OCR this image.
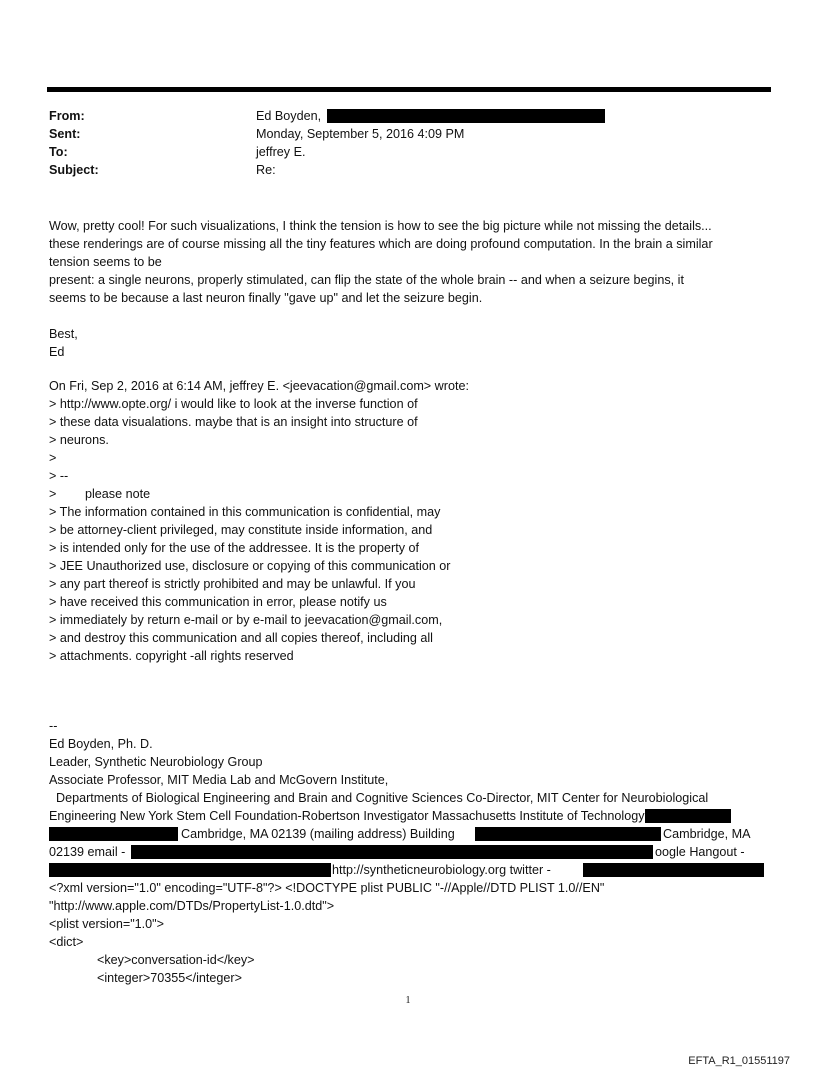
From:	Ed Boyden,
Sent:	Monday, September 5, 2016 4:09 PM
To:	jeffrey E.
Subject:	Re:
Wow, pretty cool! For such visualizations, I think the tension is how to see the big picture while not missing the details...
these renderings are of course missing all the tiny features which are doing profound computation. In the brain a similar
tension seems to be
present: a single neurons, properly stimulated, can flip the state of the whole brain -- and when a seizure begins, it
seems to be because a last neuron finally "gave up" and let the seizure begin.
Best,
Ed
On Fri, Sep 2, 2016 at 6:14 AM, jeffrey E. <jeevacation@gmail.com> wrote:
> http://www.opte.org/ i would like to look at the inverse function of
> these data visualations. maybe that is an insight into structure of
> neurons.
>
> --
> please note
> The information contained in this communication is confidential, may
> be attorney-client privileged, may constitute inside information, and
> is intended only for the use of the addressee. It is the property of
> JEE Unauthorized use, disclosure or copying of this communication or
> any part thereof is strictly prohibited and may be unlawful. If you
> have received this communication in error, please notify us
> immediately by return e-mail or by e-mail to jeevacation@gmail.com,
> and destroy this communication and all copies thereof, including all
> attachments. copyright -all rights reserved
--
Ed Boyden, Ph. D.
Leader, Synthetic Neurobiology Group
Associate Professor, MIT Media Lab and McGovern Institute,
Departments of Biological Engineering and Brain and Cognitive Sciences Co-Director, MIT Center for Neurobiological
Engineering New York Stem Cell Foundation-Robertson Investigator Massachusetts Institute of Technology
Cambridge, MA 02139 (mailing address) Building	Cambridge, MA
02139 email -	oogle Hangout -
http://syntheticneurobiology.org twitter -
<?xml version="1.0" encoding="UTF-8"?> <!DOCTYPE plist PUBLIC "-//Apple//DTD PLIST 1.0//EN"
"http://www.apple.com/DTDs/PropertyList-1.0.dtd">
<plist version="1.0">
<dict>
<key>conversation-id</key>
<integer>70355</integer>
1
EFTA_R1_01551197
